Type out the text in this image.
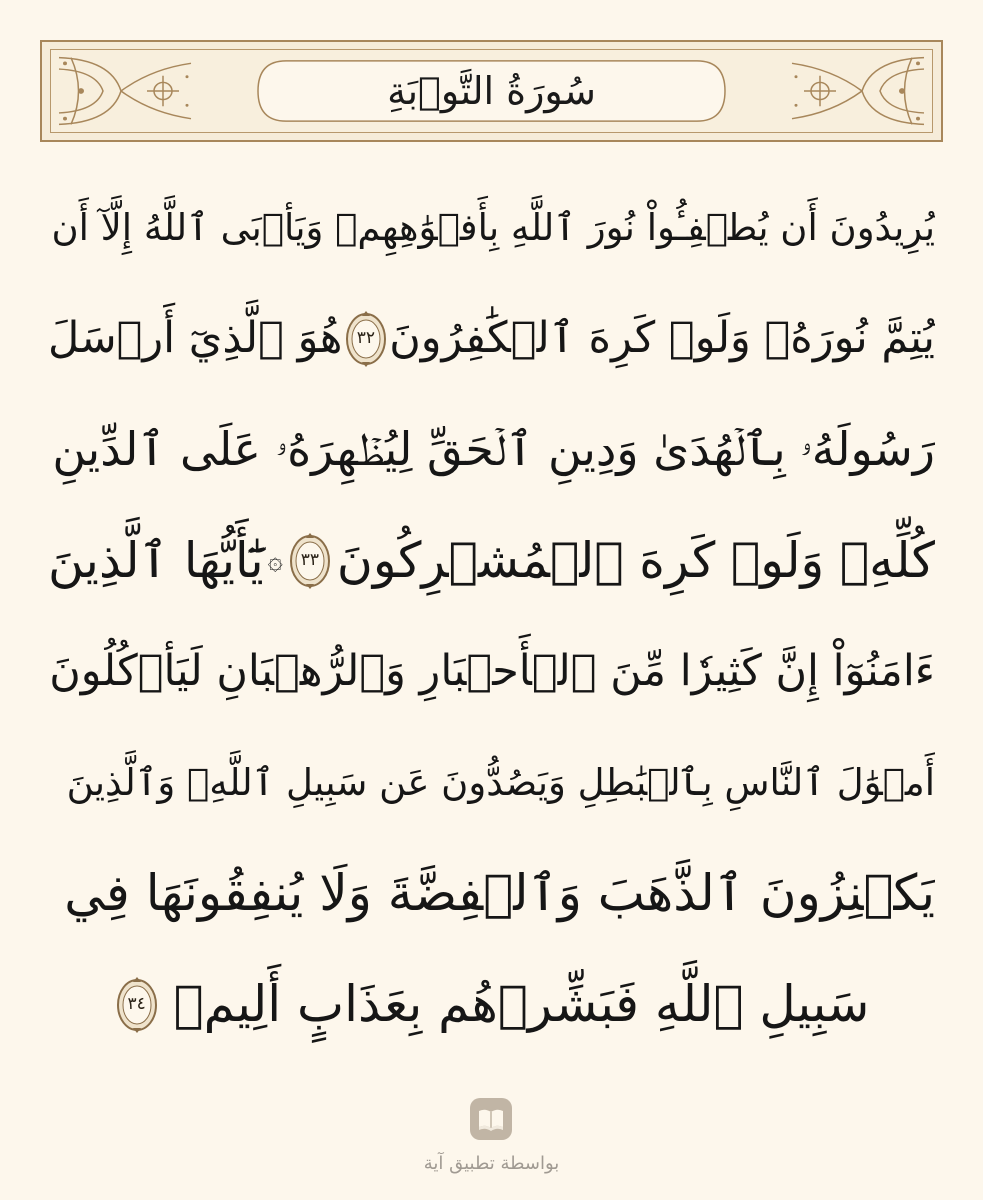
سُورَةُ التَّوۡبَةِ
يُرِيدُونَ أَن يُطۡفِـُٔواْ نُورَ ٱللَّهِ بِأَفۡوَٰهِهِمۡ وَيَأۡبَى ٱللَّهُ إِلَّآ أَن
يُتِمَّ نُورَهُۥ وَلَوۡ كَرِهَ ٱلۡكَٰفِرُونَ
٣٢
هُوَ ٱلَّذِيٓ أَرۡسَلَ
رَسُولَهُۥ بِٱلۡهُدَىٰ وَدِينِ ٱلۡحَقِّ لِيُظۡهِرَهُۥ عَلَى ٱلدِّينِ
كُلِّهِۦ وَلَوۡ كَرِهَ ٱلۡمُشۡرِكُونَ
٣٣
۞
يَٰٓأَيُّهَا ٱلَّذِينَ
ءَامَنُوٓاْ إِنَّ كَثِيرٗا مِّنَ ٱلۡأَحۡبَارِ وَٱلرُّهۡبَانِ لَيَأۡكُلُونَ
أَمۡوَٰلَ ٱلنَّاسِ بِٱلۡبَٰطِلِ وَيَصُدُّونَ عَن سَبِيلِ ٱللَّهِۗ وَٱلَّذِينَ
يَكۡنِزُونَ ٱلذَّهَبَ وَٱلۡفِضَّةَ وَلَا يُنفِقُونَهَا فِي
سَبِيلِ ٱللَّهِ فَبَشِّرۡهُم بِعَذَابٍ أَلِيمٖ
٣٤
بواسطة تطبيق آية
